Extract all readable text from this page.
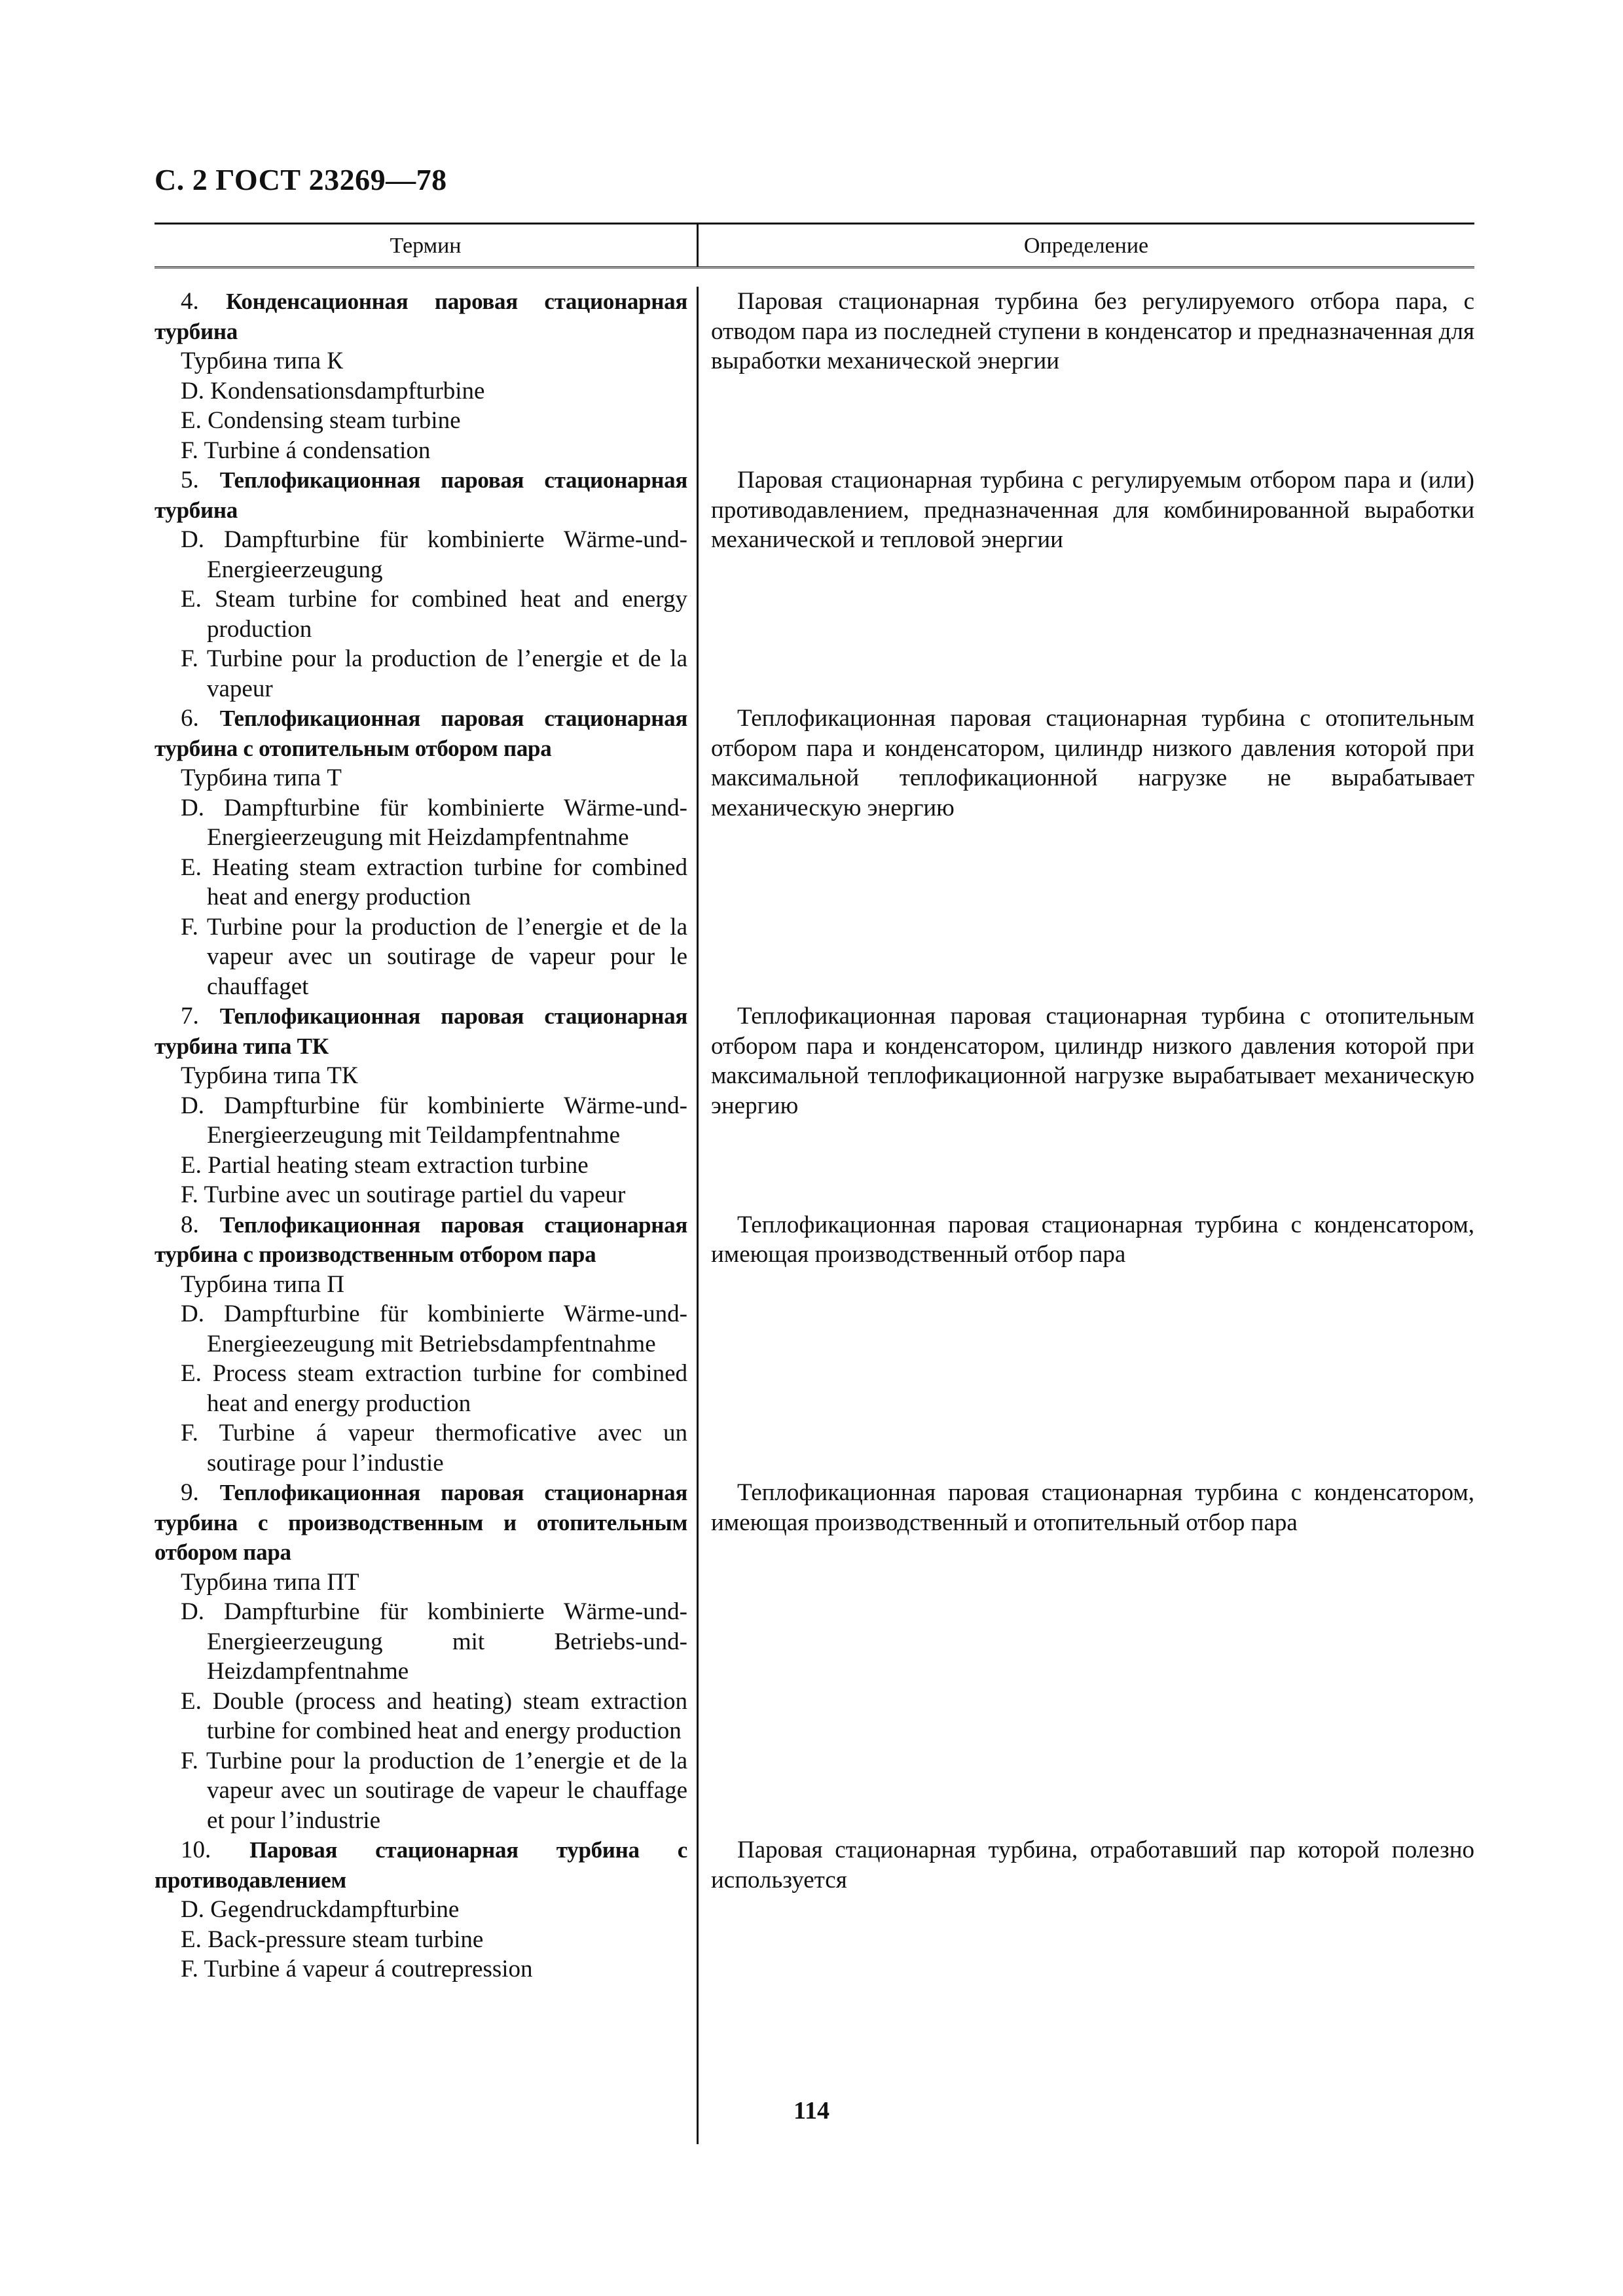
С. 2 ГОСТ 23269—78
Термин	Определение
4. Конденсационная паровая стационарная турбина
Турбина типа К
D. Kondensationsdampfturbine
E. Condensing steam turbine
F. Turbine á condensation
Паровая стационарная турбина без регулируемого отбора пара, с отводом пара из последней ступени в конденсатор и предназначенная для выработки механической энергии
5. Теплофикационная паровая стационарная турбина
D. Dampfturbine für kombinierte Wärme-und-Energieerzeugung
E. Steam turbine for combined heat and energy production
F. Turbine pour la production de l’energie et de la vapeur
Паровая стационарная турбина с регулируемым отбором пара и (или) противодавлением, предназначенная для комбинированной выработки механической и тепловой энергии
6. Теплофикационная паровая стационарная турбина с отопительным отбором пара
Турбина типа Т
D. Dampfturbine für kombinierte Wärme-und-Energieerzeugung mit Heizdampfentnahme
E. Heating steam extraction turbine for combined heat and energy production
F. Turbine pour la production de l’energie et de la vapeur avec un soutirage de vapeur pour le chauffaget
Теплофикационная паровая стационарная турбина с отопительным отбором пара и конденсатором, цилиндр низкого давления которой при максимальной теплофикационной нагрузке не вырабатывает механическую энергию
7. Теплофикационная паровая стационарная турбина типа ТК
Турбина типа ТК
D. Dampfturbine für kombinierte Wärme-und-Energieerzeugung mit Teildampfentnahme
E. Partial heating steam extraction turbine
F. Turbine avec un soutirage partiel du vapeur
Теплофикационная паровая стационарная турбина с отопительным отбором пара и конденсатором, цилиндр низкого давления которой при максимальной теплофикационной нагрузке вырабатывает механическую энергию
8. Теплофикационная паровая стационарная турбина с производственным отбором пара
Турбина типа П
D. Dampfturbine für kombinierte Wärme-und-Energieezeugung mit Betriebsdampfentnahme
E. Process steam extraction turbine for combined heat and energy production
F. Turbine á vapeur thermoficative avec un soutirage pour l’industie
Теплофикационная паровая стационарная турбина с конденсатором, имеющая производственный отбор пара
9. Теплофикационная паровая стационарная турбина с производственным и отопительным отбором пара
Турбина типа ПТ
D. Dampfturbine für kombinierte Wärme-und-Energieerzeugung mit Betriebs-und-Heizdampfentnahme
E. Double (process and heating) steam extraction turbine for combined heat and energy production
F. Turbine pour la production de 1’energie et de la vapeur avec un soutirage de vapeur le chauffage et pour l’industrie
Теплофикационная паровая стационарная турбина с конденсатором, имеющая производственный и отопительный отбор пара
10. Паровая стационарная турбина с противодавлением
D. Gegendruckdampfturbine
E. Back-pressure steam turbine
F. Turbine á vapeur á coutrepression
Паровая стационарная турбина, отработавший пар которой полезно используется
114
